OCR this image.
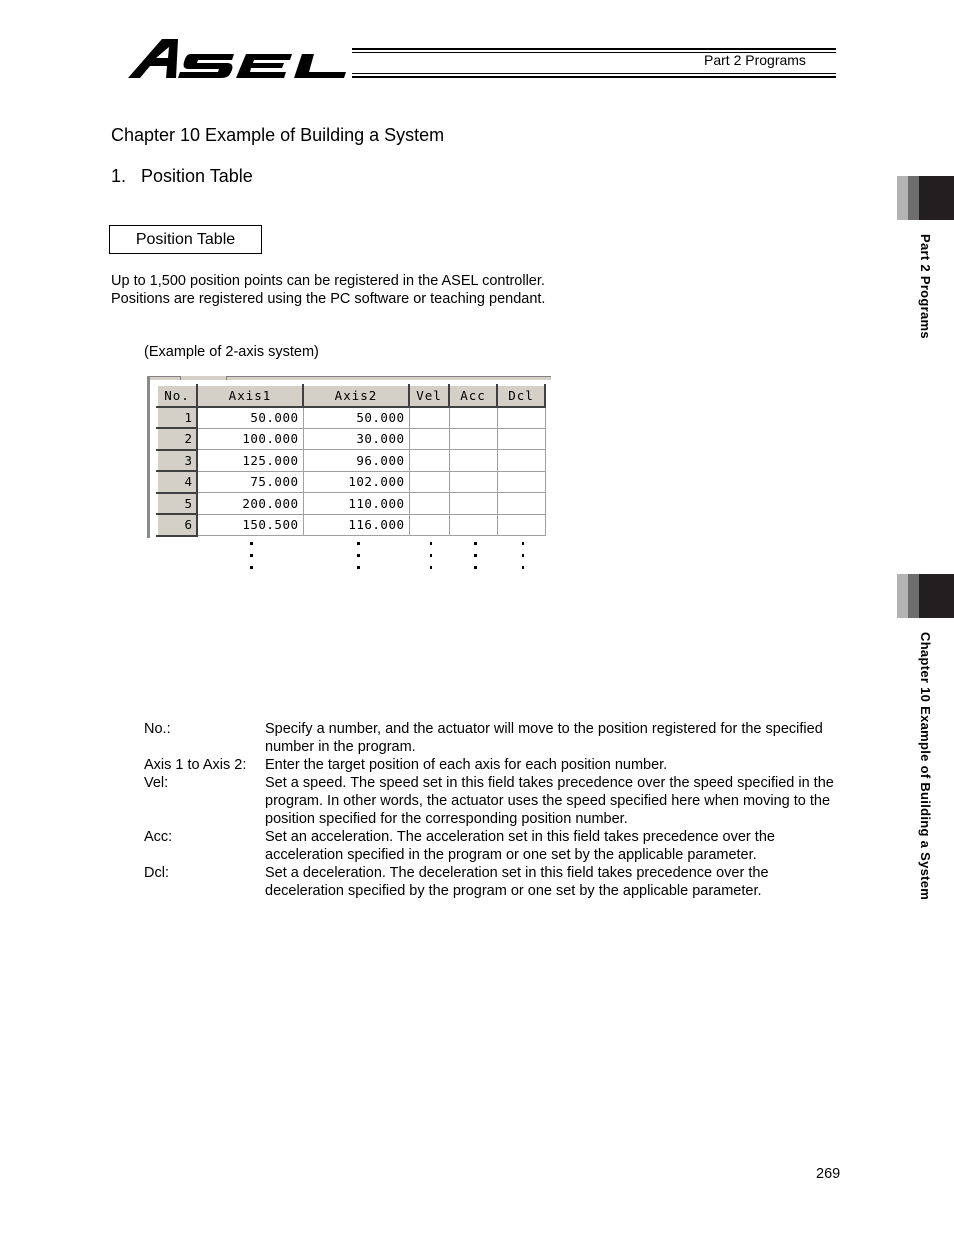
Part 2 Programs
Part 2 Programs
Chapter 10 Example of Building a System
Chapter 10 Example of Building a System
1.   Position Table
Position Table
Up to 1,500 position points can be registered in the ASEL controller.
Positions are registered using the PC software or teaching pendant.
(Example of 2-axis system)
No.	Axis1	Axis2	Vel	Acc	Dcl
1	50.000	50.000			
2	100.000	30.000			
3	125.000	96.000			
4	75.000	102.000			
5	200.000	110.000			
6	150.500	116.000			
No.:	Specify a number, and the actuator will move to the position registered for the specified number in the program.
Axis 1 to Axis 2:	Enter the target position of each axis for each position number.
Vel:	Set a speed. The speed set in this field takes precedence over the speed specified in the program. In other words, the actuator uses the speed specified here when moving to the position specified for the corresponding position number.
Acc:	Set an acceleration. The acceleration set in this field takes precedence over the acceleration specified in the program or one set by the applicable parameter.
Dcl:	Set a deceleration. The deceleration set in this field takes precedence over the deceleration specified by the program or one set by the applicable parameter.
269
